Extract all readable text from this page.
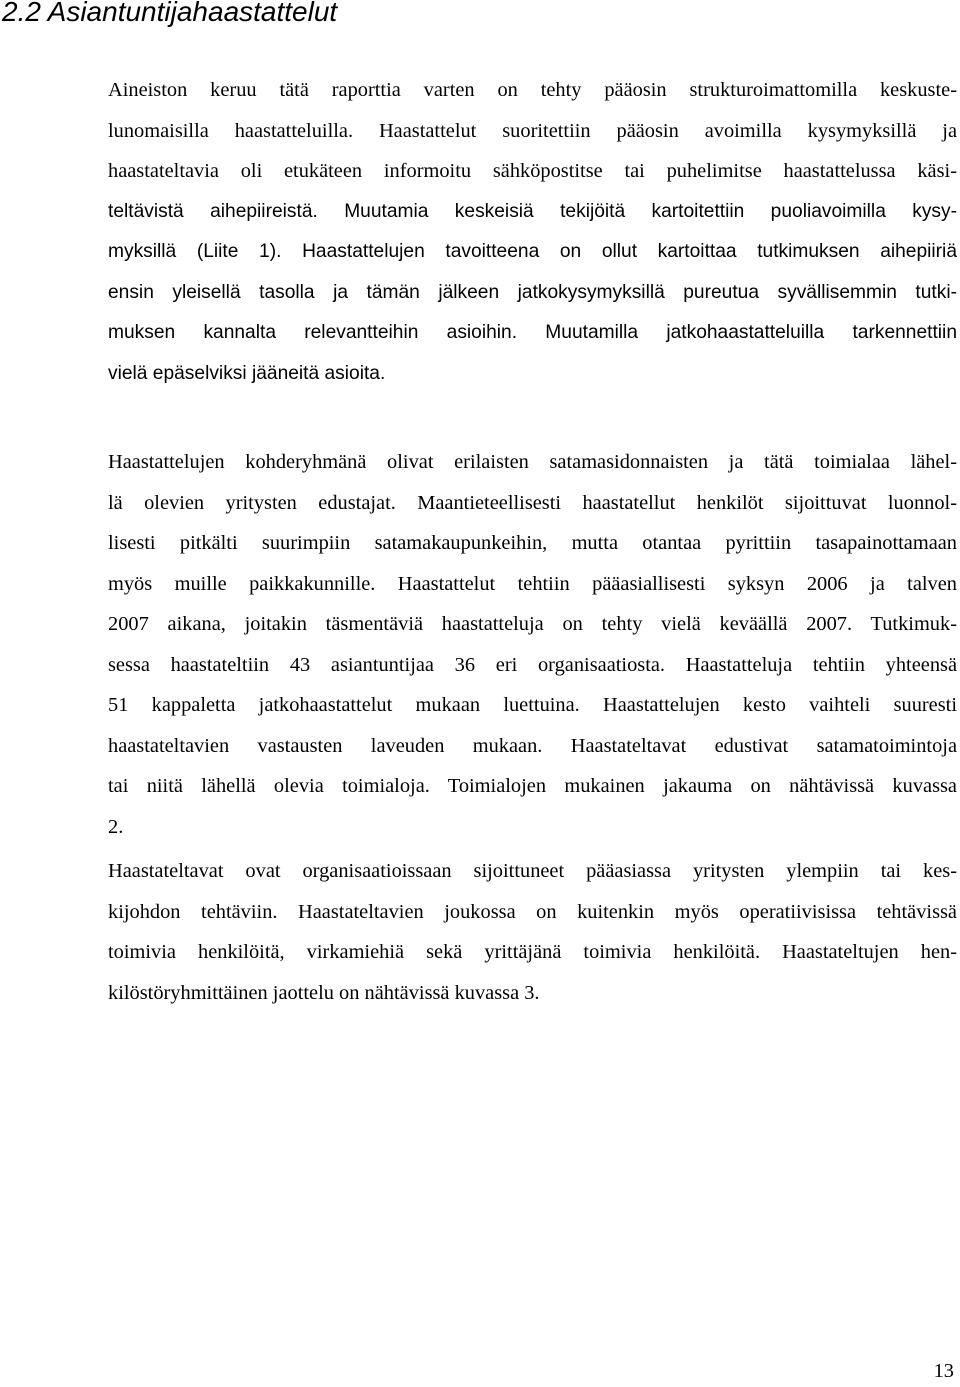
2.2 Asiantuntijahaastattelut

Aineiston keruu tätä raporttia varten on tehty pääosin strukturoimattomilla keskuste-
lunomaisilla haastatteluilla. Haastattelut suoritettiin pääosin avoimilla kysymyksillä ja
haastateltavia oli etukäteen informoitu sähköpostitse tai puhelimitse haastattelussa käsi-
teltävistä aihepiireistä. Muutamia keskeisiä tekijöitä kartoitettiin puoliavoimilla kysy-
myksillä (Liite 1). Haastattelujen tavoitteena on ollut kartoittaa tutkimuksen aihepiiriä
ensin yleisellä tasolla ja tämän jälkeen jatkokysymyksillä pureutua syvällisemmin tutki-
muksen kannalta relevantteihin asioihin. Muutamilla jatkohaastatteluilla tarkennettiin
vielä epäselviksi jääneitä asioita.

Haastattelujen kohderyhmänä olivat erilaisten satamasidonnaisten ja tätä toimialaa lähel-
lä olevien yritysten edustajat. Maantieteellisesti haastatellut henkilöt sijoittuvat luonnol-
lisesti pitkälti suurimpiin satamakaupunkeihin, mutta otantaa pyrittiin tasapainottamaan
myös muille paikkakunnille. Haastattelut tehtiin pääasiallisesti syksyn 2006 ja talven
2007 aikana, joitakin täsmentäviä haastatteluja on tehty vielä keväällä 2007. Tutkimuk-
sessa haastateltiin 43 asiantuntijaa 36 eri organisaatiosta. Haastatteluja tehtiin yhteensä
51 kappaletta jatkohaastattelut mukaan luettuina. Haastattelujen kesto vaihteli suuresti
haastateltavien vastausten laveuden mukaan. Haastateltavat edustivat satamatoimintoja
tai niitä lähellä olevia toimialoja. Toimialojen mukainen jakauma on nähtävissä kuvassa
2.

Haastateltavat ovat organisaatioissaan sijoittuneet pääasiassa yritysten ylempiin tai kes-
kijohdon tehtäviin. Haastateltavien joukossa on kuitenkin myös operatiivisissa tehtävissä
toimivia henkilöitä, virkamiehiä sekä yrittäjänä toimivia henkilöitä. Haastateltujen hen-
kilöstöryhmittäinen jaottelu on nähtävissä kuvassa 3.

13
